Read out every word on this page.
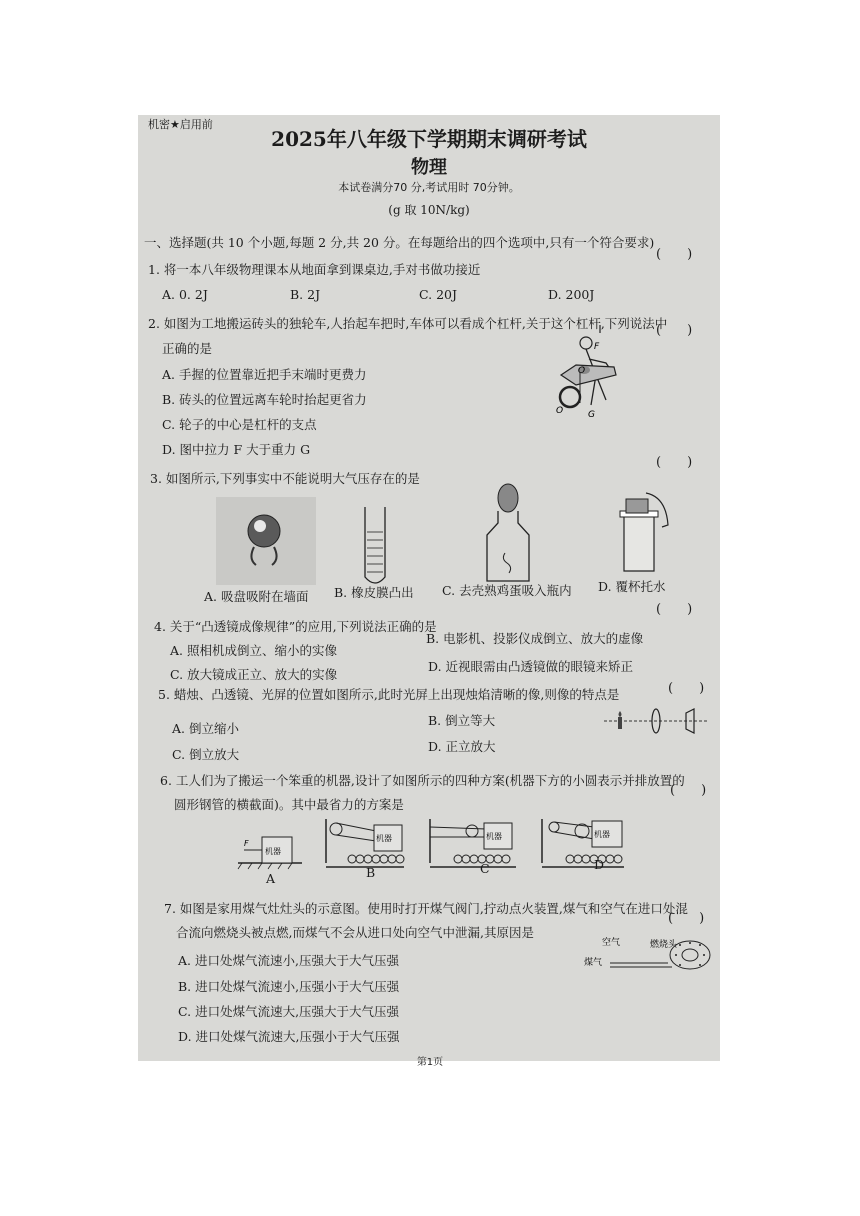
机密★启用前
2025年八年级下学期期末调研考试
物理
本试卷满分70 分,考试用时 70分钟。
(g 取 10N/kg)
一、选择题(共 10 个小题,每题 2 分,共 20 分。在每题给出的四个选项中,只有一个符合要求)
(　　)
1. 将一本八年级物理课本从地面拿到课桌边,手对书做功接近
A. 0. 2J	B. 2J	C. 20J	D. 200J
2. 如图为工地搬运砖头的独轮车,人抬起车把时,车体可以看成个杠杆,关于这个杠杆,下列说法中
(　　)
正确的是
A. 手握的位置靠近把手末端时更费力
B. 砖头的位置远离车轮时抬起更省力
C. 轮子的中心是杠杆的支点
D. 图中拉力 F 大于重力 G
F
O
G
O
(　　)
3. 如图所示,下列事实中不能说明大气压存在的是
A. 吸盘吸附在墙面 B. 橡皮膜凸出 C. 去壳熟鸡蛋吸入瓶内 D. 覆杯托水
(　　)
4. 关于“凸透镜成像规律”的应用,下列说法正确的是
A. 照相机成倒立、缩小的实像
B. 电影机、投影仪成倒立、放大的虚像
C. 放大镜成正立、放大的实像
D. 近视眼需由凸透镜做的眼镜来矫正
(　　)
5. 蜡烛、凸透镜、光屏的位置如图所示,此时光屏上出现烛焰清晰的像,则像的特点是
A. 倒立缩小
B. 倒立等大
C. 倒立放大
D. 正立放大
6. 工人们为了搬运一个笨重的机器,设计了如图所示的四种方案(机器下方的小圆表示并排放置的
(　　)
圆形钢管的横截面)。其中最省力的方案是
F
机器
机器	机器	机器
A	B	C	D
7. 如图是家用煤气灶灶头的示意图。使用时打开煤气阀门,拧动点火装置,煤气和空气在进口处混
(　　)
合流向燃烧头被点燃,而煤气不会从进口处向空气中泄漏,其原因是
A. 进口处煤气流速小,压强大于大气压强
B. 进口处煤气流速小,压强小于大气压强
C. 进口处煤气流速大,压强大于大气压强
D. 进口处煤气流速大,压强小于大气压强
空气	燃烧头
煤气
第1页
